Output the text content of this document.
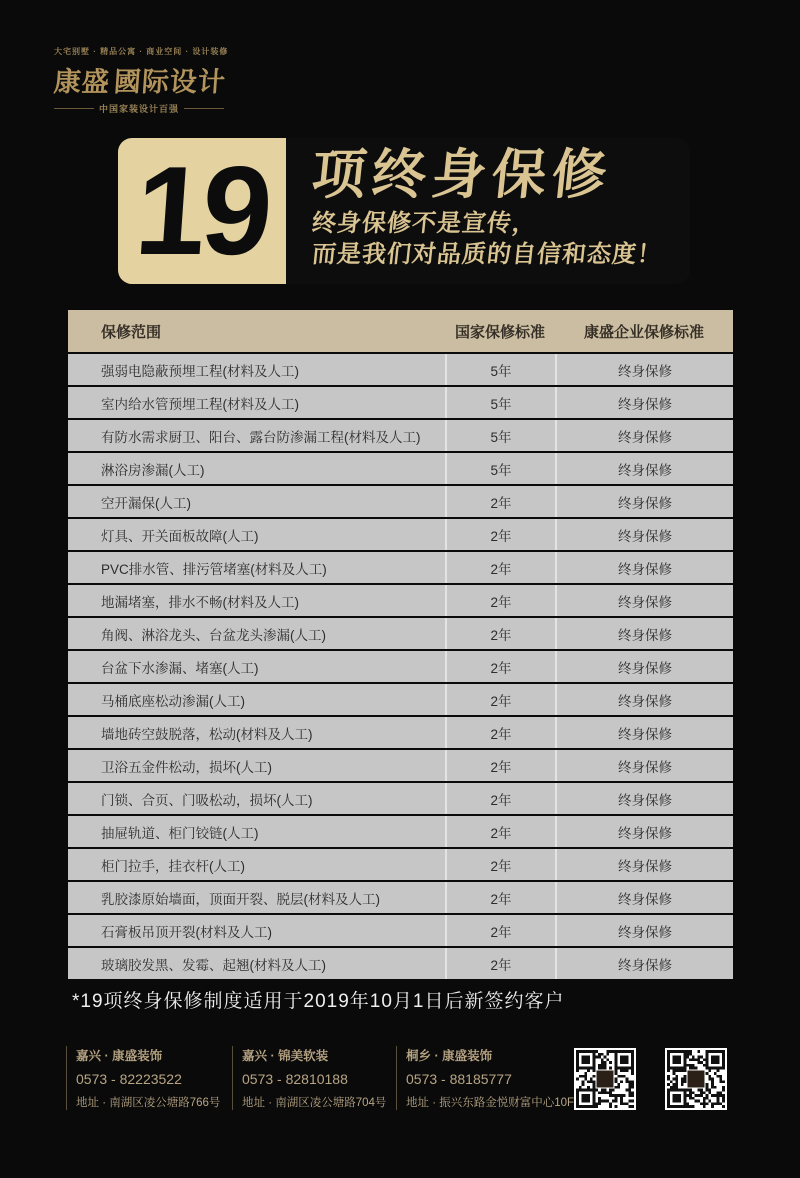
大宅别墅 · 精品公寓 · 商业空间 · 设计装修
康盛國际设计
中国家装设计百强
19 项终身保修
终身保修不是宣传，
而是我们对品质的自信和态度！
保修范围	国家保修标准	康盛企业保修标准
强弱电隐蔽预埋工程(材料及人工)	5年	终身保修
室内给水管预埋工程(材料及人工)	5年	终身保修
有防水需求厨卫、阳台、露台防渗漏工程(材料及人工)	5年	终身保修
淋浴房渗漏(人工)	5年	终身保修
空开漏保(人工)	2年	终身保修
灯具、开关面板故障(人工)	2年	终身保修
PVC排水管、排污管堵塞(材料及人工)	2年	终身保修
地漏堵塞，排水不畅(材料及人工)	2年	终身保修
角阀、淋浴龙头、台盆龙头渗漏(人工)	2年	终身保修
台盆下水渗漏、堵塞(人工)	2年	终身保修
马桶底座松动渗漏(人工)	2年	终身保修
墙地砖空鼓脱落，松动(材料及人工)	2年	终身保修
卫浴五金件松动，损坏(人工)	2年	终身保修
门锁、合页、门吸松动，损坏(人工)	2年	终身保修
抽屉轨道、柜门铰链(人工)	2年	终身保修
柜门拉手，挂衣杆(人工)	2年	终身保修
乳胶漆原始墙面，顶面开裂、脱层(材料及人工)	2年	终身保修
石膏板吊顶开裂(材料及人工)	2年	终身保修
玻璃胶发黑、发霉、起翘(材料及人工)	2年	终身保修
*19项终身保修制度适用于2019年10月1日后新签约客户
嘉兴 · 康盛装饰
0573 - 82223522
地址 · 南湖区凌公塘路766号
嘉兴 · 锦美软装
0573 - 82810188
地址 · 南湖区凌公塘路704号
桐乡 · 康盛装饰
0573 - 88185777
地址 · 振兴东路金悦财富中心10F
